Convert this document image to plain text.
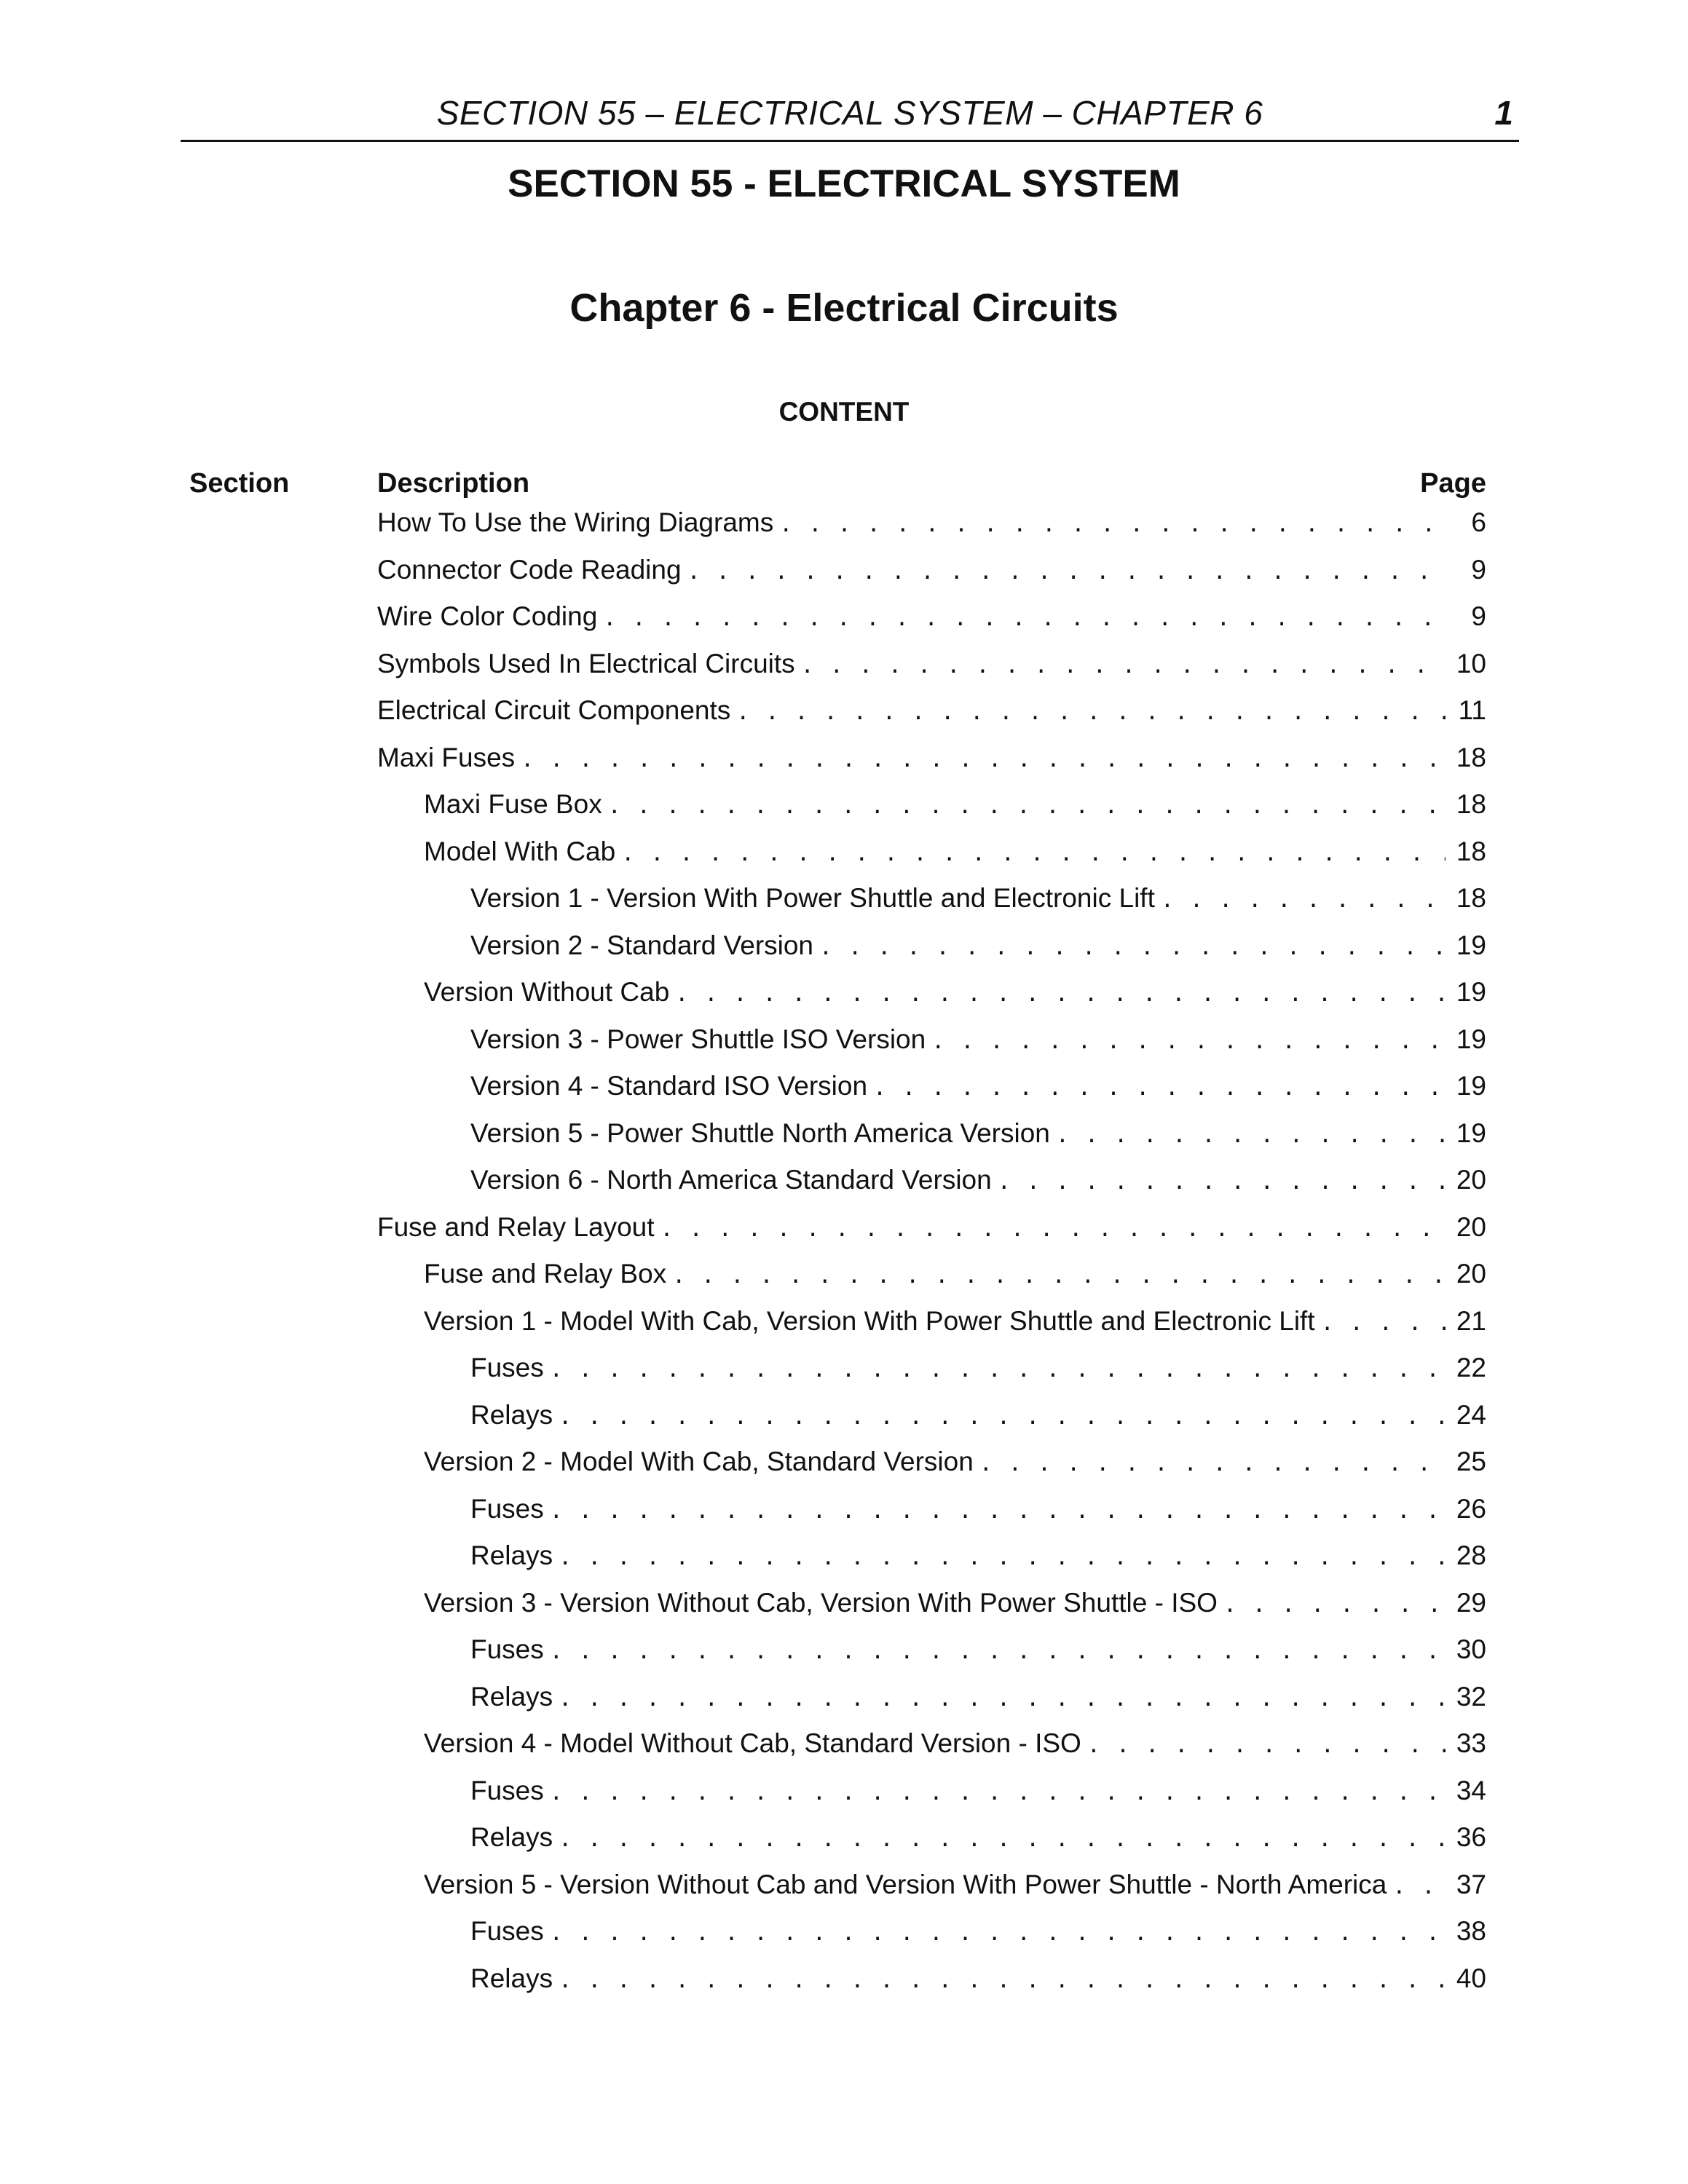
SECTION 55 – ELECTRICAL SYSTEM – CHAPTER 6	1
SECTION 55 - ELECTRICAL SYSTEM
Chapter 6 - Electrical Circuits
CONTENT
Section	Description	Page
How To Use the Wiring Diagrams . . .	6
Connector Code Reading . . .	9
Wire Color Coding . . .	9
Symbols Used In Electrical Circuits . . .	10
Electrical Circuit Components . . .	11
Maxi Fuses . . .	18
Maxi Fuse Box . . .	18
Model With Cab . . .	18
Version 1 - Version With Power Shuttle and Electronic Lift . . .	18
Version 2 - Standard Version . . .	19
Version Without Cab . . .	19
Version 3 - Power Shuttle ISO Version . . .	19
Version 4 - Standard ISO Version . . .	19
Version 5 - Power Shuttle North America Version . . .	19
Version 6 - North America Standard Version . . .	20
Fuse and Relay Layout . . .	20
Fuse and Relay Box . . .	20
Version 1 - Model With Cab, Version With Power Shuttle and Electronic Lift . . .	21
Fuses . . .	22
Relays . . .	24
Version 2 - Model With Cab, Standard Version . . .	25
Fuses . . .	26
Relays . . .	28
Version 3 - Version Without Cab, Version With Power Shuttle - ISO . . .	29
Fuses . . .	30
Relays . . .	32
Version 4 - Model Without Cab, Standard Version - ISO . . .	33
Fuses . . .	34
Relays . . .	36
Version 5 - Version Without Cab and Version With Power Shuttle - North America . . .	37
Fuses . . .	38
Relays . . .	40
